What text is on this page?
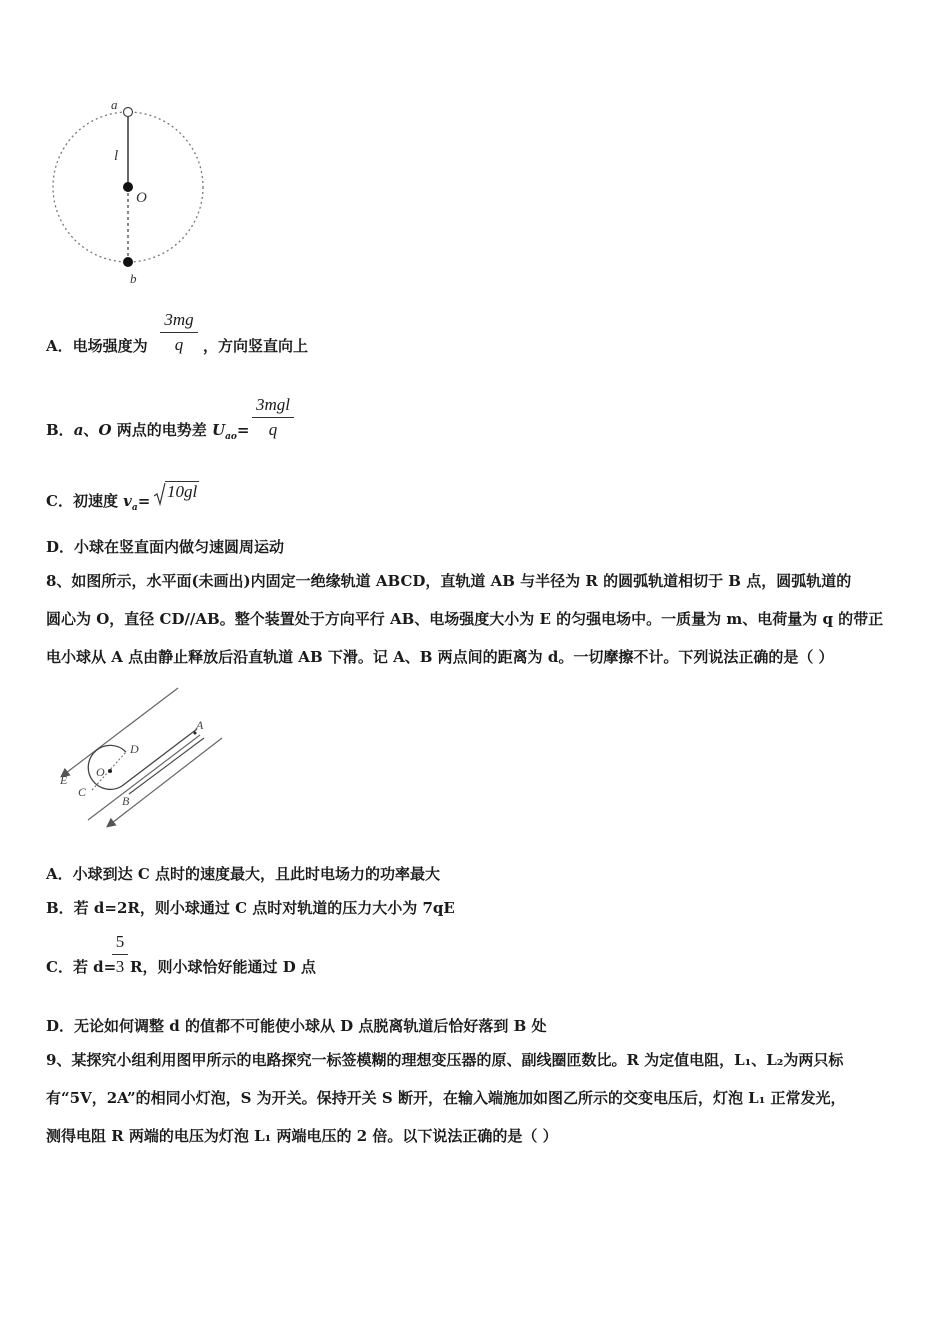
a
l
O
b
A．电场强度为
3mg
q	，方向竖直向上
B．a、O 两点的电势差 $U_{ao}=$
3mgl
q
C．初速度 $v_a= 10gl$
D．小球在竖直面内做匀速圆周运动
8、如图所示，水平面(未画出)内固定一绝缘轨道 ABCD，直轨道 AB 与半径为 R 的圆弧轨道相切于 B 点，圆弧轨道的
圆心为 O，直径 CD//AB。整个装置处于方向平行 AB、电场强度大小为 E 的匀强电场中。一质量为 m、电荷量为 q 的带正
电小球从 A 点由静止释放后沿直轨道 AB 下滑。记 A、B 两点间的距离为 d。一切摩擦不计。下列说法正确的是（ ）
A
D
O
E
C
B
A．小球到达 C 点时的速度最大，且此时电场力的功率最大
B．若 d=2R，则小球通过 C 点时对轨道的压力大小为 7qE
C．若 d=
5
3 R，则小球恰好能通过 D 点
D．无论如何调整 d 的值都不可能使小球从 D 点脱离轨道后恰好落到 B 处
9、某探究小组利用图甲所示的电路探究一标签模糊的理想变压器的原、副线圈匝数比。R 为定值电阻，L₁、L₂为两只标
有“5V，2A”的相同小灯泡，S 为开关。保持开关 S 断开，在输入端施加如图乙所示的交变电压后，灯泡 L₁ 正常发光，
测得电阻 R 两端的电压为灯泡 L₁ 两端电压的 2 倍。以下说法正确的是（ ）
